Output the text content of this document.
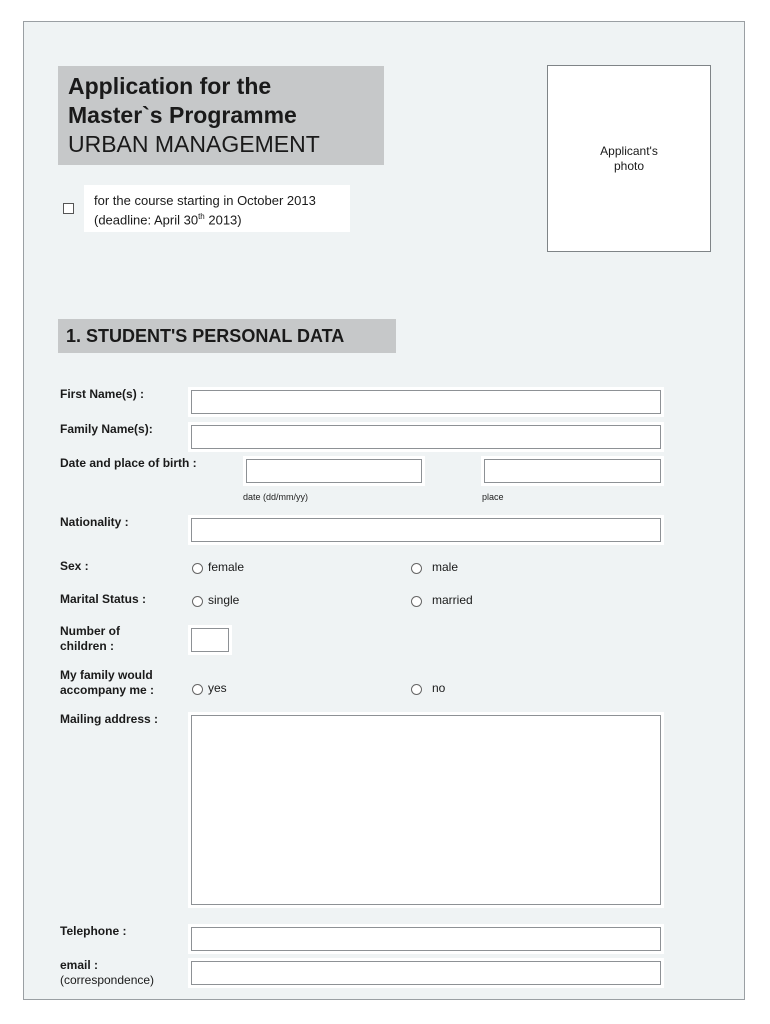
Application for the
Master`s Programme
URBAN MANAGEMENT	Applicant's
photo
for the course starting in October 2013
(deadline: April 30th 2013)
1. STUDENT'S PERSONAL DATA
First Name(s) :
Family Name(s):
Date and place of birth :
date (dd/mm/yy)	place
Nationality :
Sex :	female	male
Marital Status :	single	married
Number of
children :
My family would
accompany me :	yes	no
Mailing address :
Telephone :
email :
(correspondence)
